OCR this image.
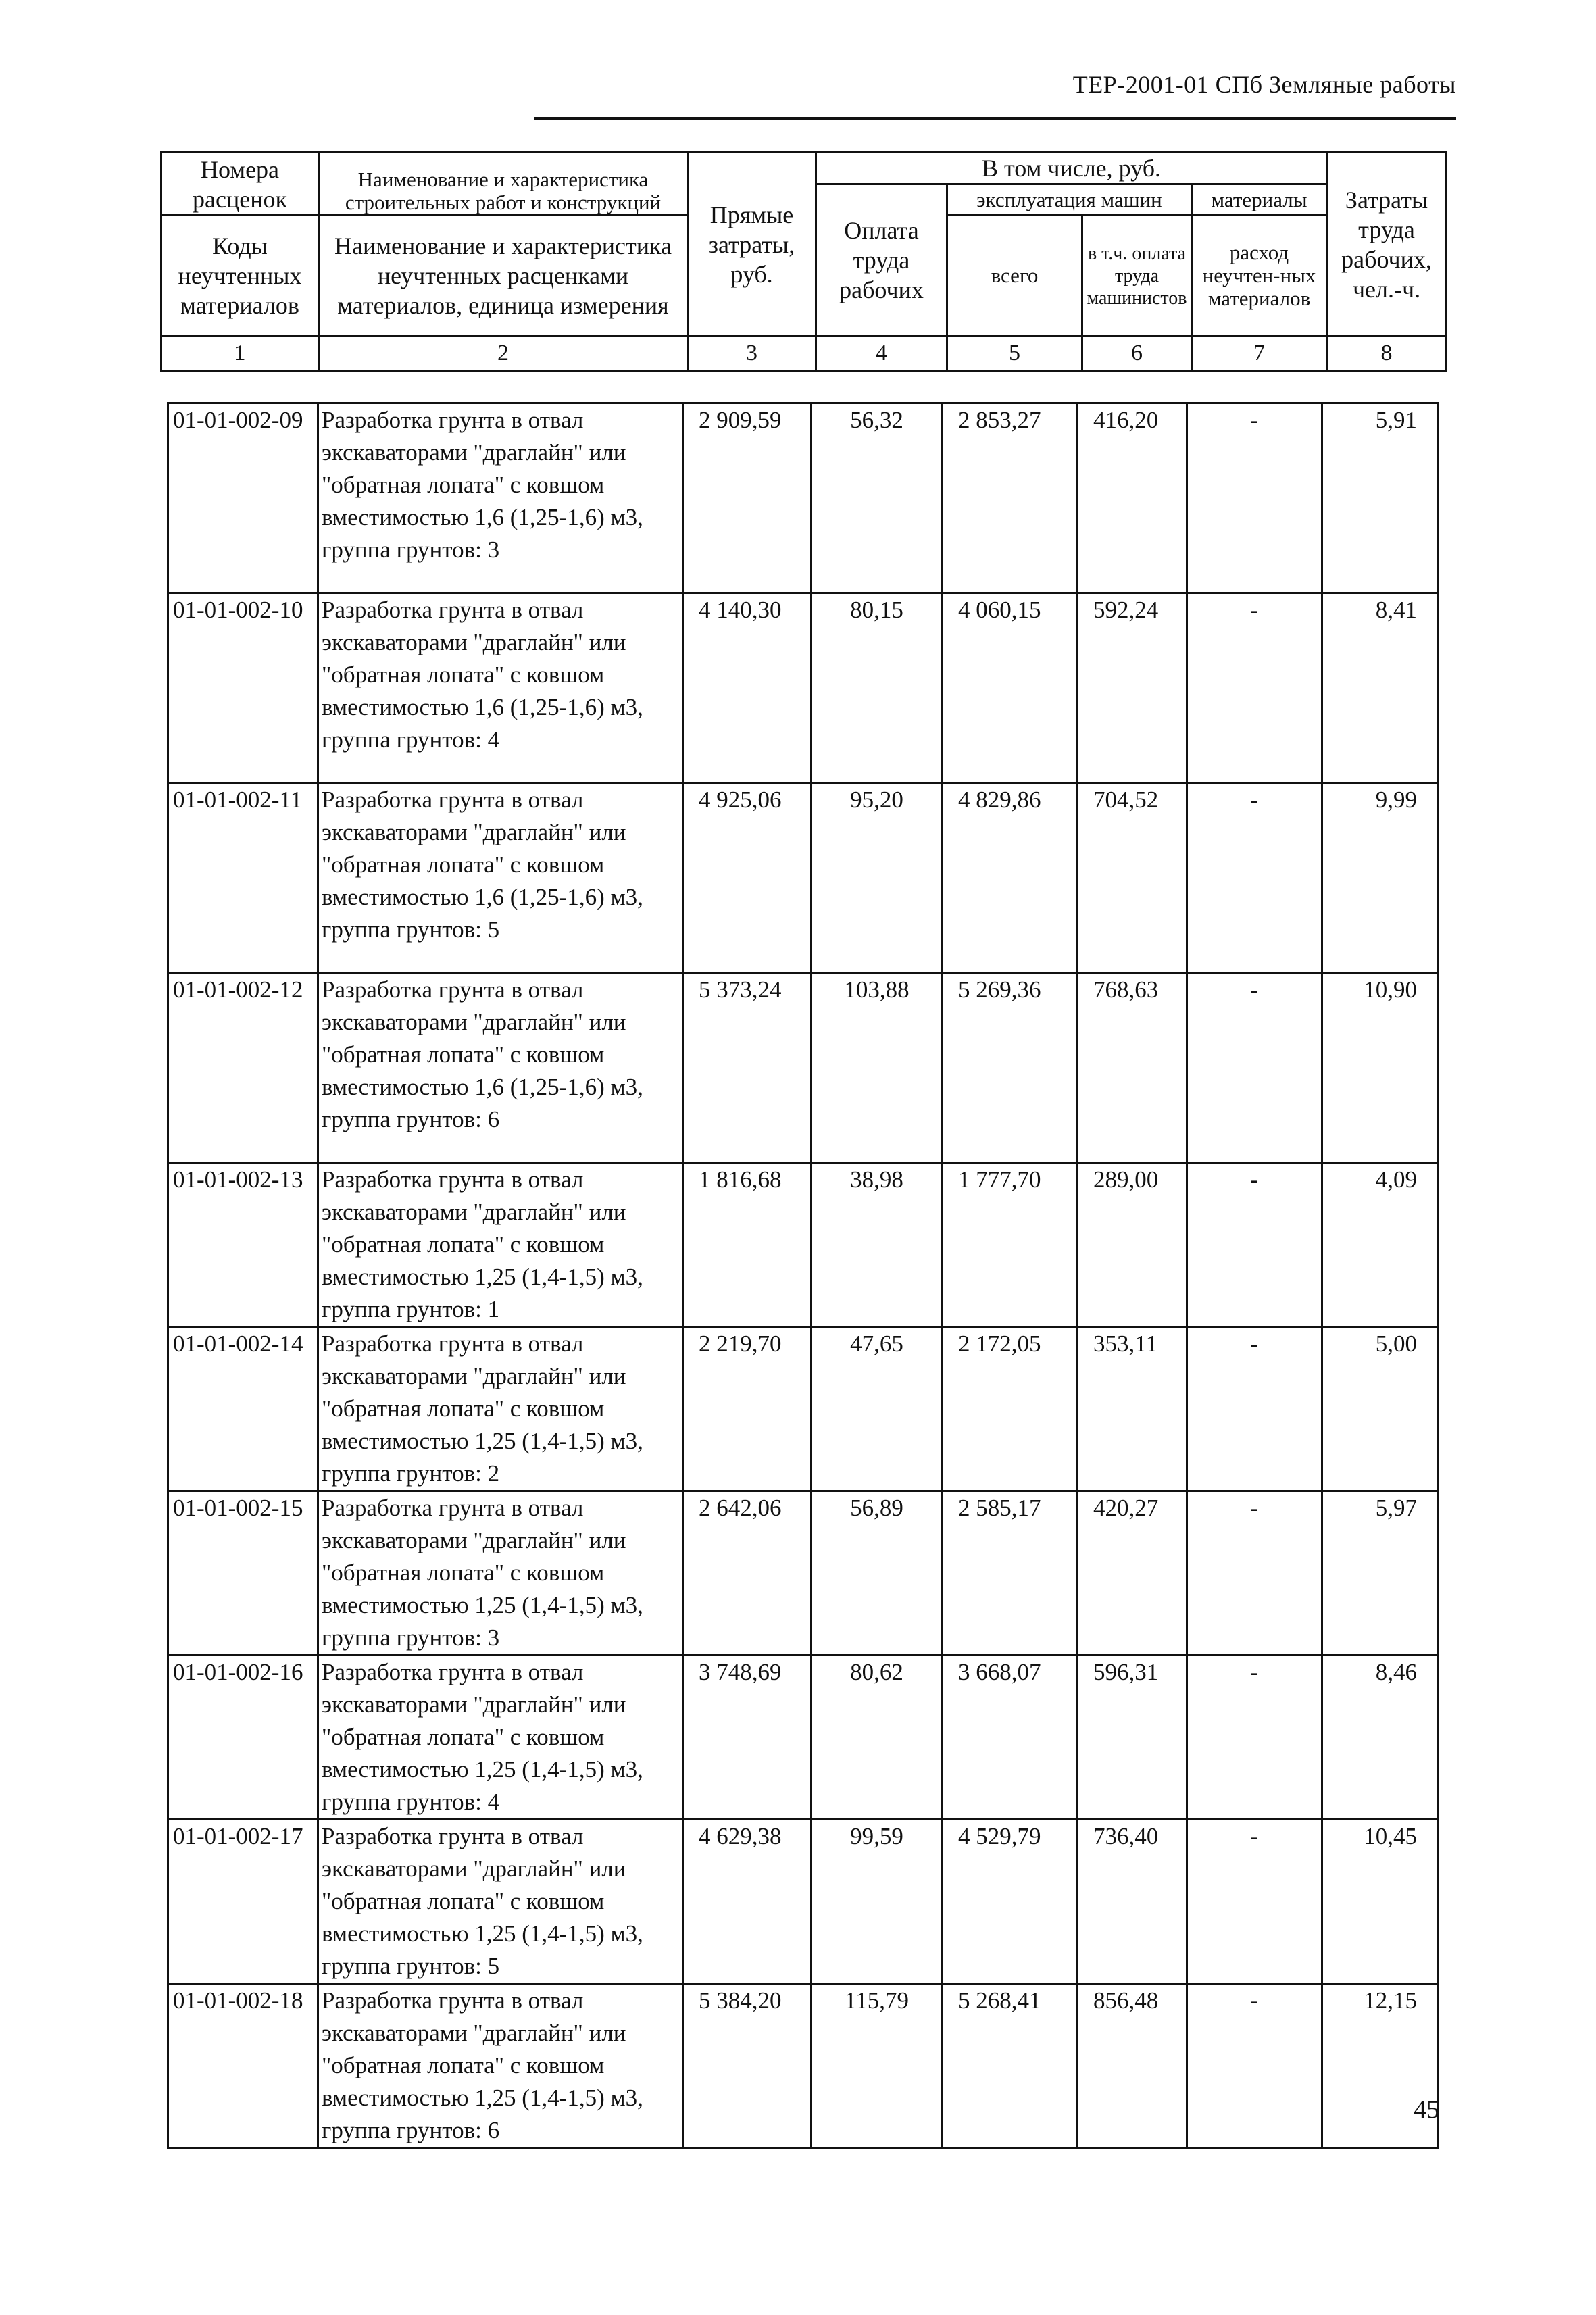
ТЕР-2001-01 СПб Земляные работы
Номера расценок	Наименование и характеристика строительных работ и конструкций	Прямые затраты, руб.	В том числе, руб.				Затраты труда рабочих, чел.-ч.
			Оплата труда рабочих	эксплуатация машин		материалы	
Коды неучтенных материалов	Наименование и характеристика неучтенных расценками материалов, единица измерения			всего	в т.ч. оплата труда машинистов	расход неучтен-ных материалов	

1	2	3	4	5	6	7	8
01-01-002-09	Разработка грунта в отвал экскаваторами "драглайн" или "обратная лопата" с ковшом вместимостью 1,6 (1,25-1,6) м3, группа грунтов: 3	2 909,59	56,32	2 853,27	416,20	-	5,91
01-01-002-10	Разработка грунта в отвал экскаваторами "драглайн" или "обратная лопата" с ковшом вместимостью 1,6 (1,25-1,6) м3, группа грунтов: 4	4 140,30	80,15	4 060,15	592,24	-	8,41
01-01-002-11	Разработка грунта в отвал экскаваторами "драглайн" или "обратная лопата" с ковшом вместимостью 1,6 (1,25-1,6) м3, группа грунтов: 5	4 925,06	95,20	4 829,86	704,52	-	9,99
01-01-002-12	Разработка грунта в отвал экскаваторами "драглайн" или "обратная лопата" с ковшом вместимостью 1,6 (1,25-1,6) м3, группа грунтов: 6	5 373,24	103,88	5 269,36	768,63	-	10,90
01-01-002-13	Разработка грунта в отвал экскаваторами "драглайн" или "обратная лопата" с ковшом вместимостью 1,25 (1,4-1,5) м3, группа грунтов: 1	1 816,68	38,98	1 777,70	289,00	-	4,09
01-01-002-14	Разработка грунта в отвал экскаваторами "драглайн" или "обратная лопата" с ковшом вместимостью 1,25 (1,4-1,5) м3, группа грунтов: 2	2 219,70	47,65	2 172,05	353,11	-	5,00
01-01-002-15	Разработка грунта в отвал экскаваторами "драглайн" или "обратная лопата" с ковшом вместимостью 1,25 (1,4-1,5) м3, группа грунтов: 3	2 642,06	56,89	2 585,17	420,27	-	5,97
01-01-002-16	Разработка грунта в отвал экскаваторами "драглайн" или "обратная лопата" с ковшом вместимостью 1,25 (1,4-1,5) м3, группа грунтов: 4	3 748,69	80,62	3 668,07	596,31	-	8,46
01-01-002-17	Разработка грунта в отвал экскаваторами "драглайн" или "обратная лопата" с ковшом вместимостью 1,25 (1,4-1,5) м3, группа грунтов: 5	4 629,38	99,59	4 529,79	736,40	-	10,45
01-01-002-18	Разработка грунта в отвал экскаваторами "драглайн" или "обратная лопата" с ковшом вместимостью 1,25 (1,4-1,5) м3, группа грунтов: 6	5 384,20	115,79	5 268,41	856,48	-	12,15
45
